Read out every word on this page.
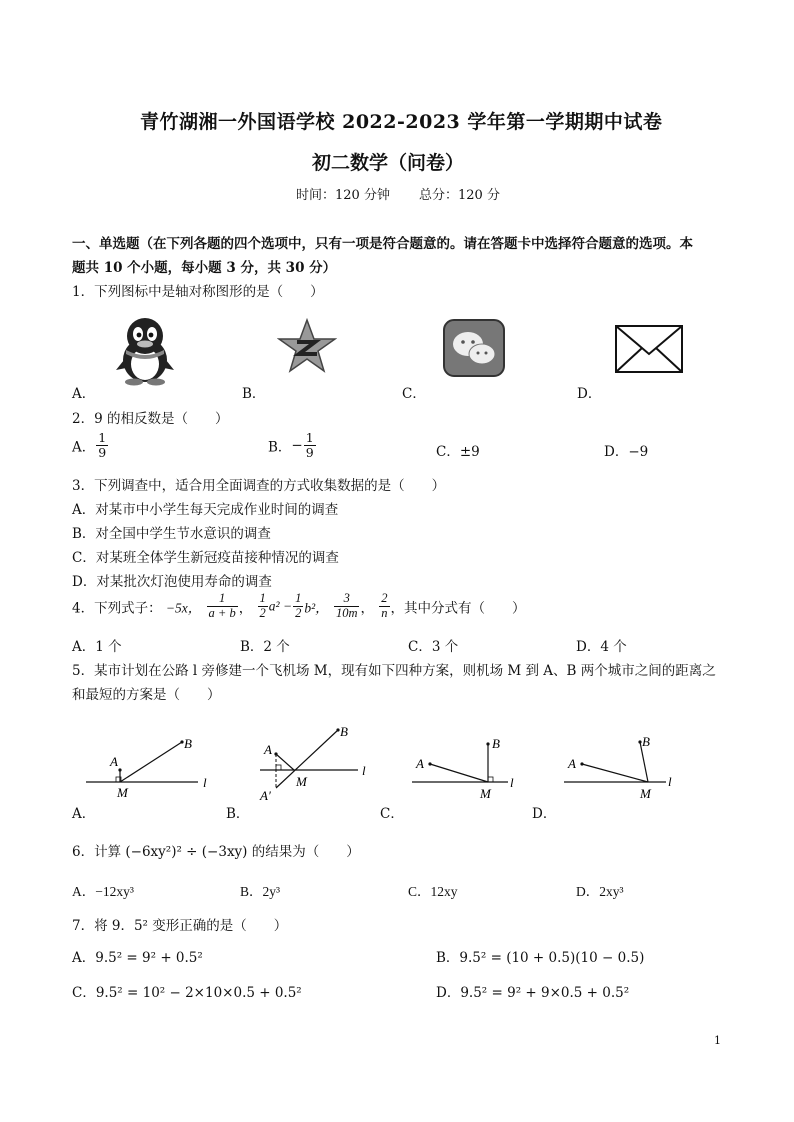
青竹湖湘一外国语学校 2022-2023 学年第一学期期中试卷
初二数学（问卷）
时间：120 分钟 总分：120 分
一、单选题（在下列各题的四个选项中，只有一项是符合题意的。请在答题卡中选择符合题意的选项。本
题共 10 个小题，每小题 3 分，共 30 分）
1．下列图标中是轴对称图形的是（　　）
A．	B．	C．	D．
2．9 的相反数是（　　）
A． $\frac{1}{9}$	B．− $\frac{1}{9}$	C．±9	D．−9
3．下列调查中，适合用全面调查的方式收集数据的是（　　）
A．对某市中小学生每天完成作业时间的调查
B．对全国中学生节水意识的调查
C．对某班全体学生新冠疫苗接种情况的调查
D．对某批次灯泡使用寿命的调查
4．下列式子： −5x， $\frac{1}{a + b}$ ， $\frac{1}{2} a^2 - \frac{1}{2} b^2$， $\frac{3}{10m}$ ， $\frac{2}{n}$ ，其中分式有（　　）
A．1 个	B．2 个	C．3 个	D．4 个
5．某市计划在公路 l 旁修建一个飞机场 M，现有如下四种方案，则机场 M 到 A、B 两个城市之间的距离之
和最短的方案是（　　）
A
B
M
l
A
B
M
l
A′
A
B
M
l
A
B
M
l
A．	B．	C．	D．
6．计算 (−6xy²)² ÷ (−3xy) 的结果为（　　）
A．−12xy³	B．2y³	C．12xy	D．2xy³
7．将 9．5² 变形正确的是（　　）
A．9.5² = 9² + 0.5²	B．9.5² = (10 + 0.5)(10 − 0.5)
C．9.5² = 10² − 2×10×0.5 + 0.5²	D．9.5² = 9² + 9×0.5 + 0.5²
1
